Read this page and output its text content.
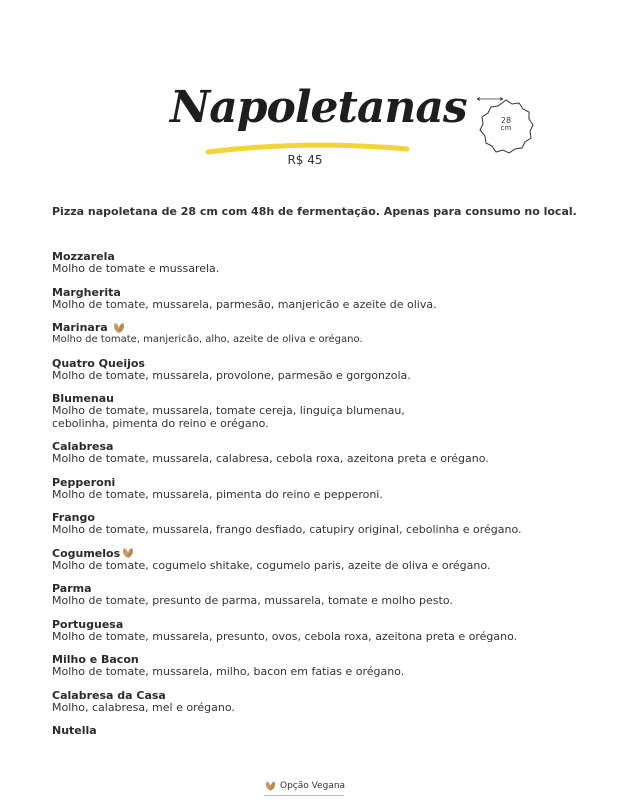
Napoletanas
R$ 45
28
cm
Pizza napoletana de 28 cm com 48h de fermentação. Apenas para consumo no local.
Mozzarela
Molho de tomate e mussarela.
Margherita
Molho de tomate, mussarela, parmesão, manjericão e azeite de oliva.
Marinara
Molho de tomate, manjericão, alho, azeite de oliva e orégano.
Quatro Queijos
Molho de tomate, mussarela, provolone, parmesão e gorgonzola.
Blumenau
Molho de tomate, mussarela, tomate cereja, linguiça blumenau,
cebolinha, pimenta do reino e orégano.
Calabresa
Molho de tomate, mussarela, calabresa, cebola roxa, azeitona preta e orégano.
Pepperoni
Molho de tomate, mussarela, pimenta do reino e pepperoni.
Frango
Molho de tomate, mussarela, frango desfiado, catupiry original, cebolinha e orégano.
Cogumelos
Molho de tomate, cogumelo shitake, cogumelo paris, azeite de oliva e orégano.
Parma
Molho de tomate, presunto de parma, mussarela, tomate e molho pesto.
Portuguesa
Molho de tomate, mussarela, presunto, ovos, cebola roxa, azeitona preta e orégano.
Milho e Bacon
Molho de tomate, mussarela, milho, bacon em fatias e orégano.
Calabresa da Casa
Molho, calabresa, mel e orégano.
Nutella
Opção Vegana
